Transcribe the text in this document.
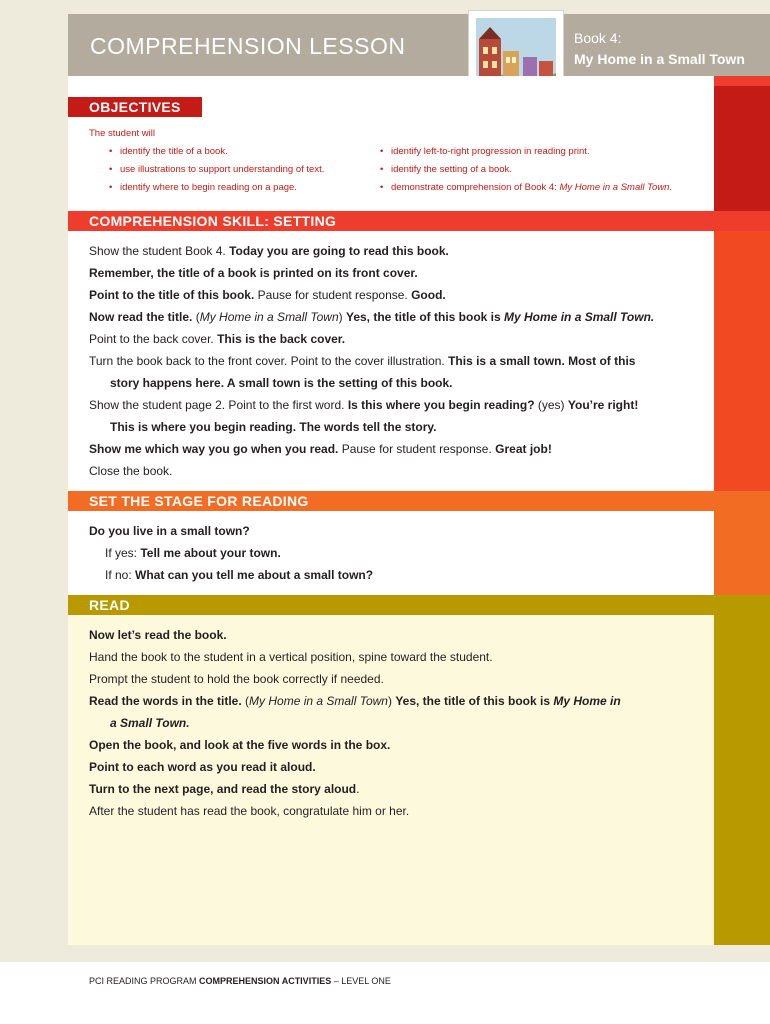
COMPREHENSION LESSON	Book 4:
My Home in a Small Town
OBJECTIVES
The student will
• identify the title of a book.
• use illustrations to support understanding of text.
• identify where to begin reading on a page.
• identify left-to-right progression in reading print.
• identify the setting of a book.
• demonstrate comprehension of Book 4: My Home in a Small Town.
COMPREHENSION SKILL: SETTING
Show the student Book 4. Today you are going to read this book.
Remember, the title of a book is printed on its front cover.
Point to the title of this book. Pause for student response. Good.
Now read the title. (My Home in a Small Town) Yes, the title of this book is My Home in a Small Town.
Point to the back cover. This is the back cover.
Turn the book back to the front cover. Point to the cover illustration. This is a small town. Most of this
story happens here. A small town is the setting of this book.
Show the student page 2. Point to the first word. Is this where you begin reading? (yes) You’re right!
This is where you begin reading. The words tell the story.
Show me which way you go when you read. Pause for student response. Great job!
Close the book.
SET THE STAGE FOR READING
Do you live in a small town?
If yes: Tell me about your town.
If no: What can you tell me about a small town?
READ
Now let’s read the book.
Hand the book to the student in a vertical position, spine toward the student.
Prompt the student to hold the book correctly if needed.
Read the words in the title. (My Home in a Small Town) Yes, the title of this book is My Home in
a Small Town.
Open the book, and look at the five words in the box.
Point to each word as you read it aloud.
Turn to the next page, and read the story aloud.
After the student has read the book, congratulate him or her.
PCI READING PROGRAM COMPREHENSION ACTIVITIES – LEVEL ONE
